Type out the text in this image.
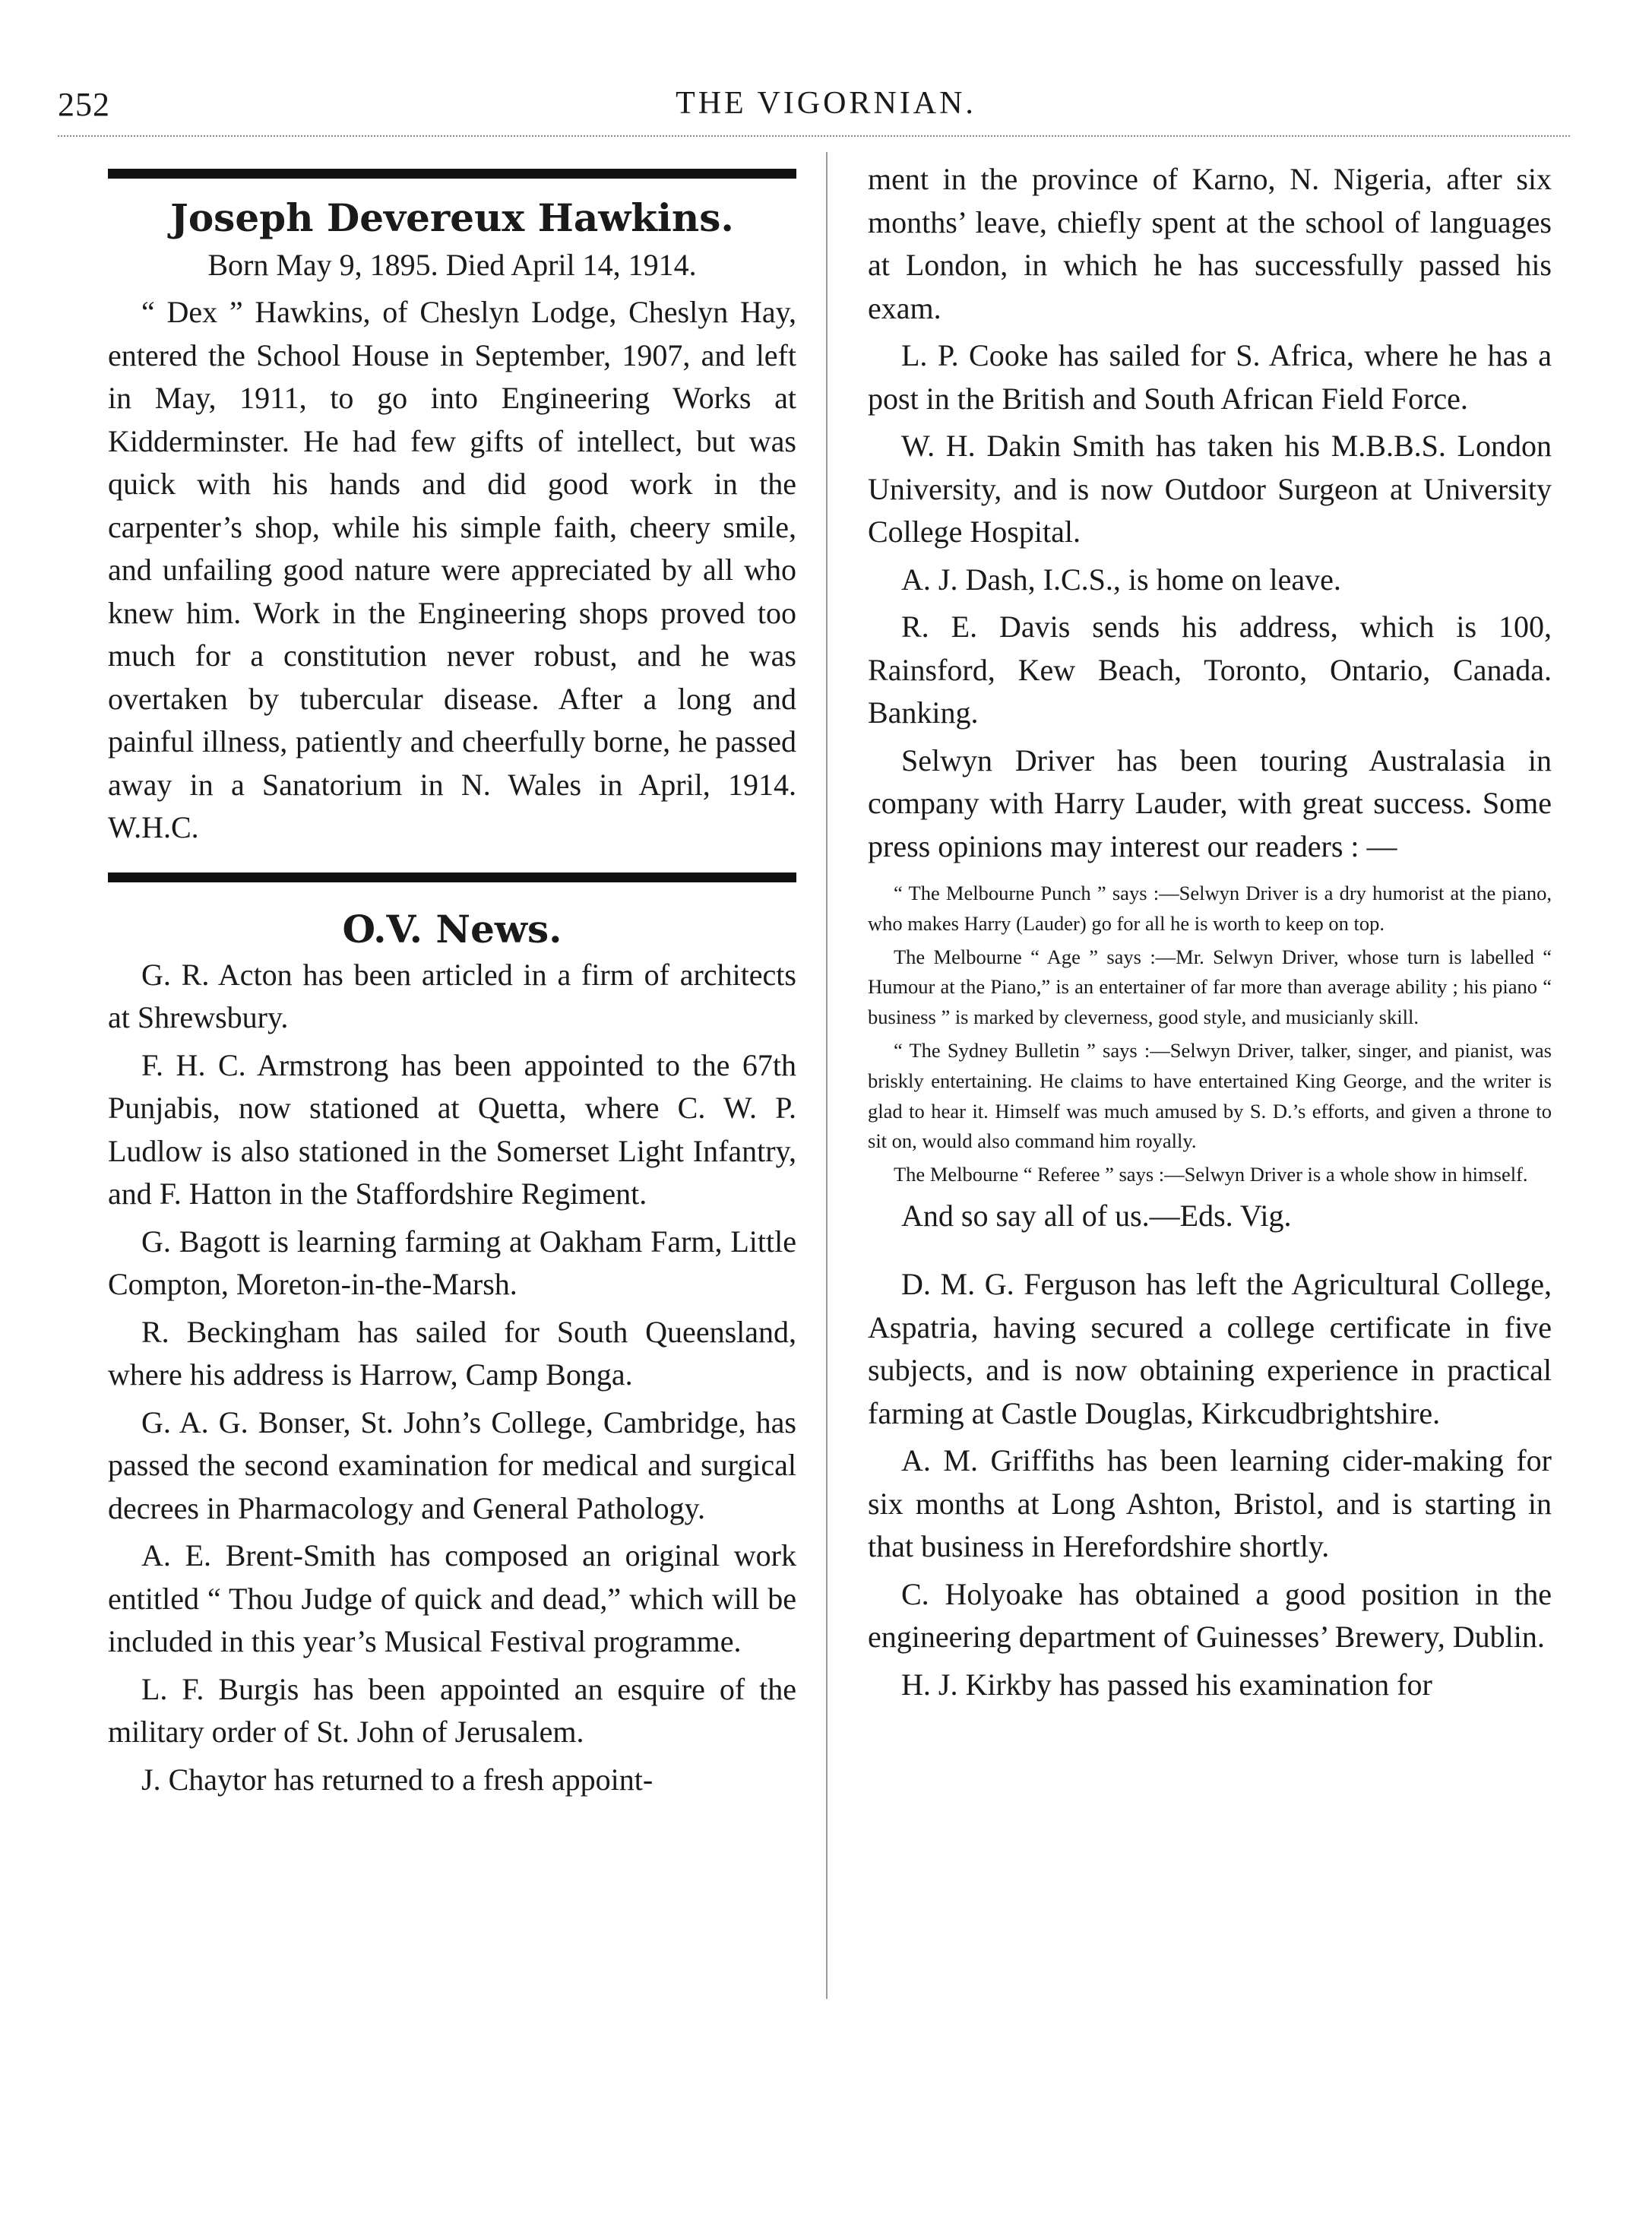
252	THE VIGORNIAN.
Joseph Devereux Hawkins.
Born May 9, 1895. Died April 14, 1914.

“ Dex ” Hawkins, of Cheslyn Lodge, Cheslyn Hay, entered the School House in September, 1907, and left in May, 1911, to go into Engineering Works at Kidderminster. He had few gifts of intellect, but was quick with his hands and did good work in the carpenter’s shop, while his simple faith, cheery smile, and unfailing good nature were appreciated by all who knew him. Work in the Engineering shops proved too much for a constitution never robust, and he was overtaken by tubercular disease. After a long and painful illness, patiently and cheerfully borne, he passed away in a Sanatorium in N. Wales in April, 1914. W.H.C.

O.V. News.

G. R. Acton has been articled in a firm of architects at Shrewsbury.

F. H. C. Armstrong has been appointed to the 67th Punjabis, now stationed at Quetta, where C. W. P. Ludlow is also stationed in the Somerset Light Infantry, and F. Hatton in the Staffordshire Regiment.

G. Bagott is learning farming at Oakham Farm, Little Compton, Moreton-in-the-Marsh.

R. Beckingham has sailed for South Queensland, where his address is Harrow, Camp Bonga.

G. A. G. Bonser, St. John’s College, Cambridge, has passed the second examination for medical and surgical decrees in Pharmacology and General Pathology.

A. E. Brent-Smith has composed an original work entitled “ Thou Judge of quick and dead,” which will be included in this year’s Musical Festival programme.

L. F. Burgis has been appointed an esquire of the military order of St. John of Jerusalem.

J. Chaytor has returned to a fresh appoint-

ment in the province of Karno, N. Nigeria, after six months’ leave, chiefly spent at the school of languages at London, in which he has successfully passed his exam.

L. P. Cooke has sailed for S. Africa, where he has a post in the British and South African Field Force.

W. H. Dakin Smith has taken his M.B.B.S. London University, and is now Outdoor Surgeon at University College Hospital.

A. J. Dash, I.C.S., is home on leave.

R. E. Davis sends his address, which is 100, Rainsford, Kew Beach, Toronto, Ontario, Canada. Banking.

Selwyn Driver has been touring Australasia in company with Harry Lauder, with great success. Some press opinions may interest our readers : —

“ The Melbourne Punch ” says :—Selwyn Driver is a dry humorist at the piano, who makes Harry (Lauder) go for all he is worth to keep on top.

The Melbourne “ Age ” says :—Mr. Selwyn Driver, whose turn is labelled “ Humour at the Piano,” is an entertainer of far more than average ability ; his piano “ business ” is marked by cleverness, good style, and musicianly skill.

“ The Sydney Bulletin ” says :—Selwyn Driver, talker, singer, and pianist, was briskly entertaining. He claims to have entertained King George, and the writer is glad to hear it. Himself was much amused by S. D.’s efforts, and given a throne to sit on, would also command him royally.

The Melbourne “ Referee ” says :—Selwyn Driver is a whole show in himself.

And so say all of us.—Eds. Vig.

D. M. G. Ferguson has left the Agricultural College, Aspatria, having secured a college certificate in five subjects, and is now obtaining experience in practical farming at Castle Douglas, Kirkcudbrightshire.

A. M. Griffiths has been learning cider-making for six months at Long Ashton, Bristol, and is starting in that business in Herefordshire shortly.

C. Holyoake has obtained a good position in the engineering department of Guinesses’ Brewery, Dublin.

H. J. Kirkby has passed his examination for
